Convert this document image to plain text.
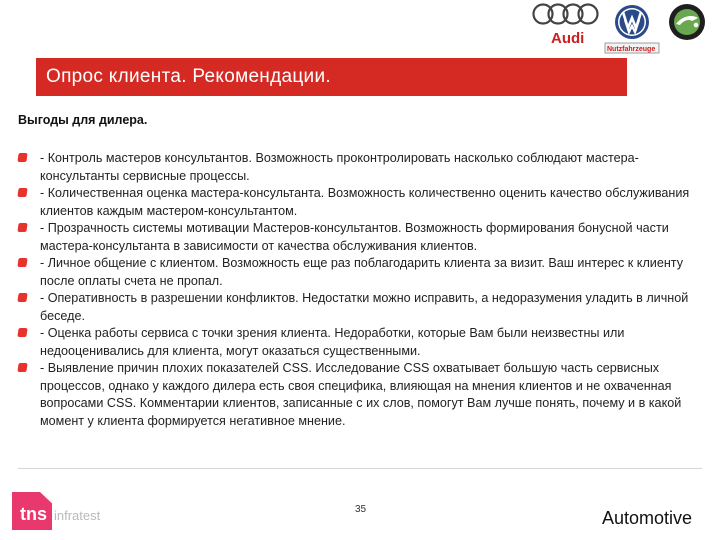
Audi
Nutzfahrzeuge
Опрос клиента. Рекомендации.
Выгоды для дилера.
- Контроль мастеров консультантов. Возможность проконтролировать насколько соблюдают мастера-консультанты сервисные процессы.
- Количественная оценка мастера-консультанта. Возможность количественно оценить качество обслуживания клиентов каждым мастером-консультантом.
- Прозрачность системы мотивации Мастеров-консультантов. Возможность формирования бонусной части мастера-консультанта в зависимости от качества обслуживания клиентов.
- Личное общение с клиентом. Возможность еще раз поблагодарить клиента за визит. Ваш интерес к клиенту после оплаты счета не пропал.
- Оперативность в разрешении конфликтов. Недостатки можно исправить, а недоразумения уладить в личной беседе.
- Оценка работы сервиса с точки зрения клиента. Недоработки, которые Вам были неизвестны или недооценивались для клиента, могут оказаться существенными.
- Выявление причин плохих показателей CSS. Исследование CSS охватывает большую часть сервисных процессов, однако у каждого дилера есть своя специфика, влияющая на мнения клиентов и не охваченная вопросами CSS. Комментарии клиентов, записанные с их слов, помогут Вам лучше понять, почему и в какой момент у клиента формируется негативное мнение.
tns infratest	35	Automotive
